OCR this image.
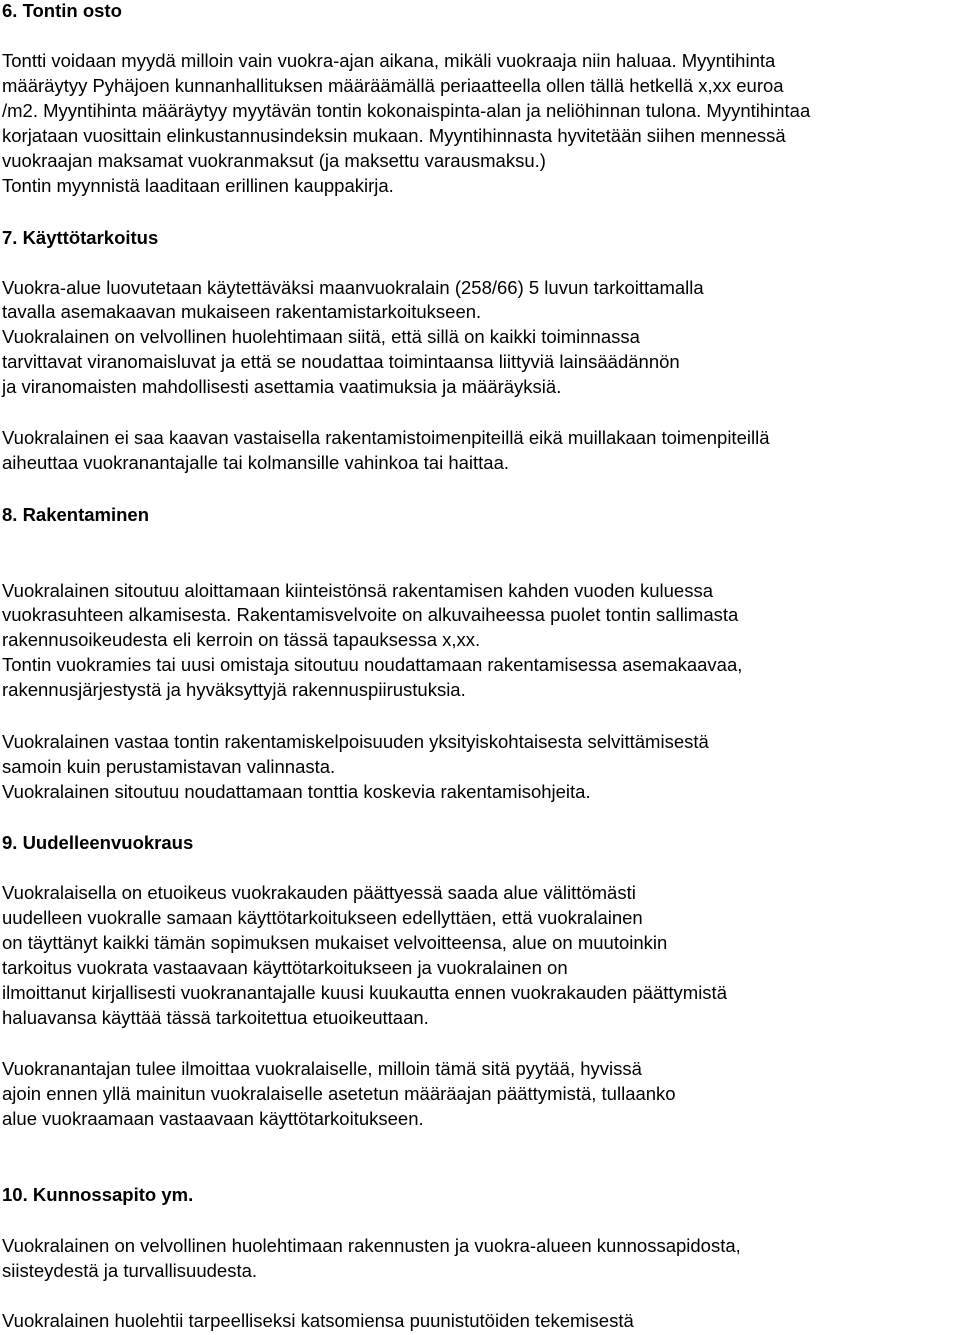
6. Tontin osto
Tontti voidaan myydä milloin vain vuokra-ajan aikana, mikäli vuokraaja niin haluaa. Myyntihinta
määräytyy Pyhäjoen kunnanhallituksen määräämällä periaatteella ollen tällä hetkellä x,xx euroa
/m2. Myyntihinta määräytyy myytävän tontin kokonaispinta-alan ja neliöhinnan tulona. Myyntihintaa
korjataan vuosittain elinkustannusindeksin mukaan. Myyntihinnasta hyvitetään siihen mennessä
vuokraajan maksamat vuokranmaksut (ja maksettu varausmaksu.)
Tontin myynnistä laaditaan erillinen kauppakirja.
7. Käyttötarkoitus
Vuokra-alue luovutetaan käytettäväksi maanvuokralain (258/66) 5 luvun tarkoittamalla
tavalla asemakaavan mukaiseen rakentamistarkoitukseen.
Vuokralainen on velvollinen huolehtimaan siitä, että sillä on kaikki toiminnassa
tarvittavat viranomaisluvat ja että se noudattaa toimintaansa liittyviä lainsäädännön
ja viranomaisten mahdollisesti asettamia vaatimuksia ja määräyksiä.
Vuokralainen ei saa kaavan vastaisella rakentamistoimenpiteillä eikä muillakaan toimenpiteillä
aiheuttaa vuokranantajalle tai kolmansille vahinkoa tai haittaa.
8. Rakentaminen
Vuokralainen sitoutuu aloittamaan kiinteistönsä rakentamisen kahden vuoden kuluessa
vuokrasuhteen alkamisesta. Rakentamisvelvoite on alkuvaiheessa puolet tontin sallimasta
rakennusoikeudesta eli kerroin on tässä tapauksessa x,xx.
Tontin vuokramies tai uusi omistaja sitoutuu noudattamaan rakentamisessa asemakaavaa,
rakennusjärjestystä ja hyväksyttyjä rakennuspiirustuksia.
Vuokralainen vastaa tontin rakentamiskelpoisuuden yksityiskohtaisesta selvittämisestä
samoin kuin perustamistavan valinnasta.
Vuokralainen sitoutuu noudattamaan tonttia koskevia rakentamisohjeita.
9. Uudelleenvuokraus
Vuokralaisella on etuoikeus vuokrakauden päättyessä saada alue välittömästi
uudelleen vuokralle samaan käyttötarkoitukseen edellyttäen, että vuokralainen
on täyttänyt kaikki tämän sopimuksen mukaiset velvoitteensa, alue on muutoinkin
tarkoitus vuokrata vastaavaan käyttötarkoitukseen ja vuokralainen on
ilmoittanut kirjallisesti vuokranantajalle kuusi kuukautta ennen vuokrakauden päättymistä
haluavansa käyttää tässä tarkoitettua etuoikeuttaan.
Vuokranantajan tulee ilmoittaa vuokralaiselle, milloin tämä sitä pyytää, hyvissä
ajoin ennen yllä mainitun vuokralaiselle asetetun määräajan päättymistä, tullaanko
alue vuokraamaan vastaavaan käyttötarkoitukseen.
10. Kunnossapito ym.
Vuokralainen on velvollinen huolehtimaan rakennusten ja vuokra-alueen kunnossapidosta,
siisteydestä ja turvallisuudesta.
Vuokralainen huolehtii tarpeelliseksi katsomiensa puunistutöiden tekemisestä
